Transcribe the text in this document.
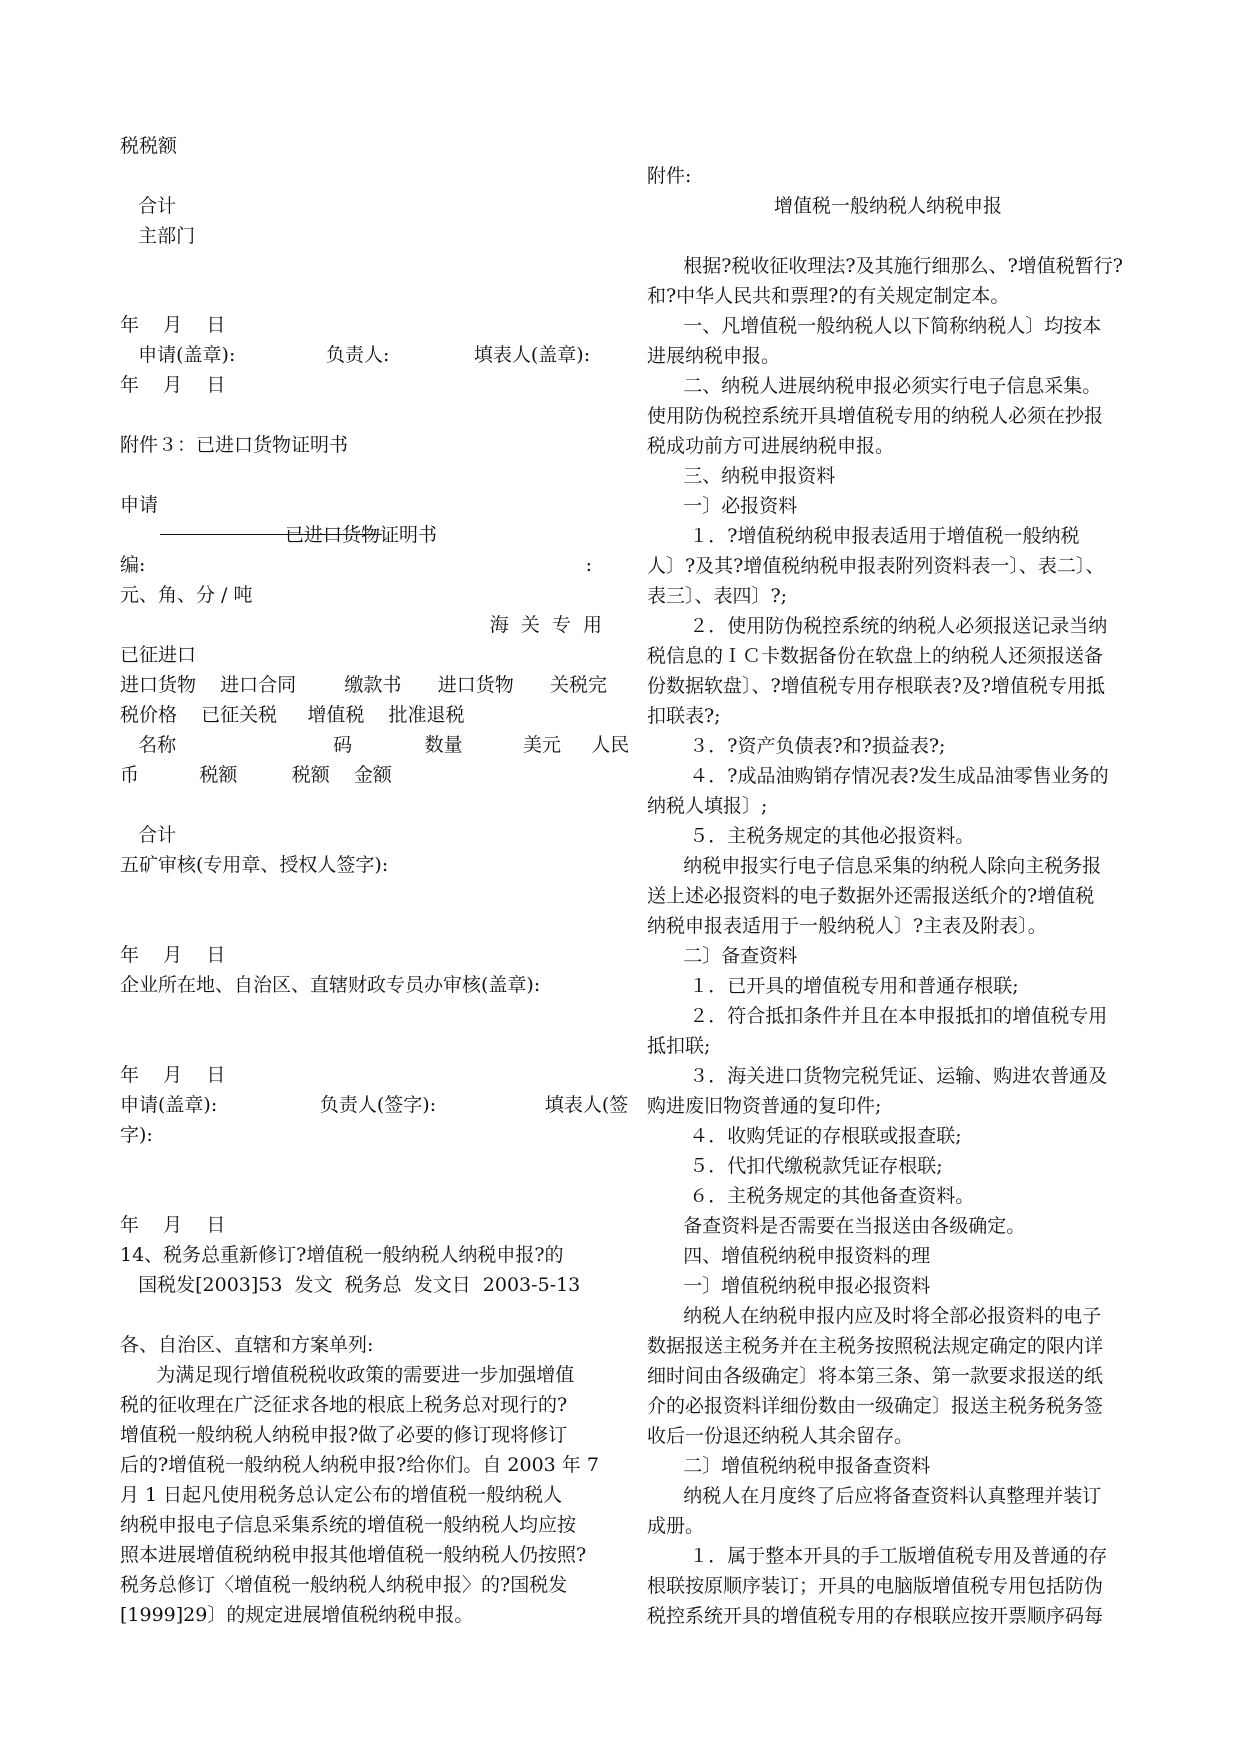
税税额
合计
主部门
年    月    日
申请(盖章):               负责人:              填表人(盖章):
年    月    日
附件３：已进口货物证明书
申请
已进口货物证明书
编:	:
元、角、分 / 吨
海  关  专  用
已征进口
进口货物    进口合同        缴款书      进口货物      关税完
税价格    已征关税     增值税    批准退税
名称                          码            数量          美元     人民
币          税额         税额    金额
合计
五矿审核(专用章、授权人签字):
年    月    日
企业所在地、自治区、直辖财政专员办审核(盖章):
年    月    日
申请(盖章):                 负责人(签字):                  填表人(签
字):
年    月    日
14、税务总重新修订?增值税一般纳税人纳税申报?的
国税发[2003]53  发文  税务总  发文日  2003-5-13
各、自治区、直辖和方案单列:
为满足现行增值税税收政策的需要进一步加强增值
税的征收理在广泛征求各地的根底上税务总对现行的?
增值税一般纳税人纳税申报?做了必要的修订现将修订
后的?增值税一般纳税人纳税申报?给你们。自 2003 年 7
月 1 日起凡使用税务总认定公布的增值税一般纳税人
纳税申报电子信息采集系统的增值税一般纳税人均应按
照本进展增值税纳税申报其他增值税一般纳税人仍按照?
税务总修订〈增值税一般纳税人纳税申报〉的?国税发
[1999]29〕的规定进展增值税纳税申报。
附件:
增值税一般纳税人纳税申报
根据?税收征收理法?及其施行细那么、?增值税暂行?
和?中华人民共和票理?的有关规定制定本。
一、凡增值税一般纳税人以下简称纳税人〕均按本
进展纳税申报。
二、纳税人进展纳税申报必须实行电子信息采集。
使用防伪税控系统开具增值税专用的纳税人必须在抄报
税成功前方可进展纳税申报。
三、纳税申报资料
一〕必报资料
１．?增值税纳税申报表适用于增值税一般纳税
人〕?及其?增值税纳税申报表附列资料表一〕、表二〕、
表三〕、表四〕?;
２．使用防伪税控系统的纳税人必须报送记录当纳
税信息的ＩＣ卡数据备份在软盘上的纳税人还须报送备
份数据软盘〕、?增值税专用存根联表?及?增值税专用抵
扣联表?;
３．?资产负债表?和?损益表?;
４．?成品油购销存情况表?发生成品油零售业务的
纳税人填报〕;
５．主税务规定的其他必报资料。
纳税申报实行电子信息采集的纳税人除向主税务报
送上述必报资料的电子数据外还需报送纸介的?增值税
纳税申报表适用于一般纳税人〕?主表及附表〕。
二〕备查资料
１．已开具的增值税专用和普通存根联;
２．符合抵扣条件并且在本申报抵扣的增值税专用
抵扣联;
３．海关进口货物完税凭证、运输、购进农普通及
购进废旧物资普通的复印件;
４．收购凭证的存根联或报查联;
５．代扣代缴税款凭证存根联;
６．主税务规定的其他备查资料。
备查资料是否需要在当报送由各级确定。
四、增值税纳税申报资料的理
一〕增值税纳税申报必报资料
纳税人在纳税申报内应及时将全部必报资料的电子
数据报送主税务并在主税务按照税法规定确定的限内详
细时间由各级确定〕将本第三条、第一款要求报送的纸
介的必报资料详细份数由一级确定〕报送主税务税务签
收后一份退还纳税人其余留存。
二〕增值税纳税申报备查资料
纳税人在月度终了后应将备查资料认真整理并装订
成册。
１．属于整本开具的手工版增值税专用及普通的存
根联按原顺序装订；开具的电脑版增值税专用包括防伪
税控系统开具的增值税专用的存根联应按开票顺序码每
